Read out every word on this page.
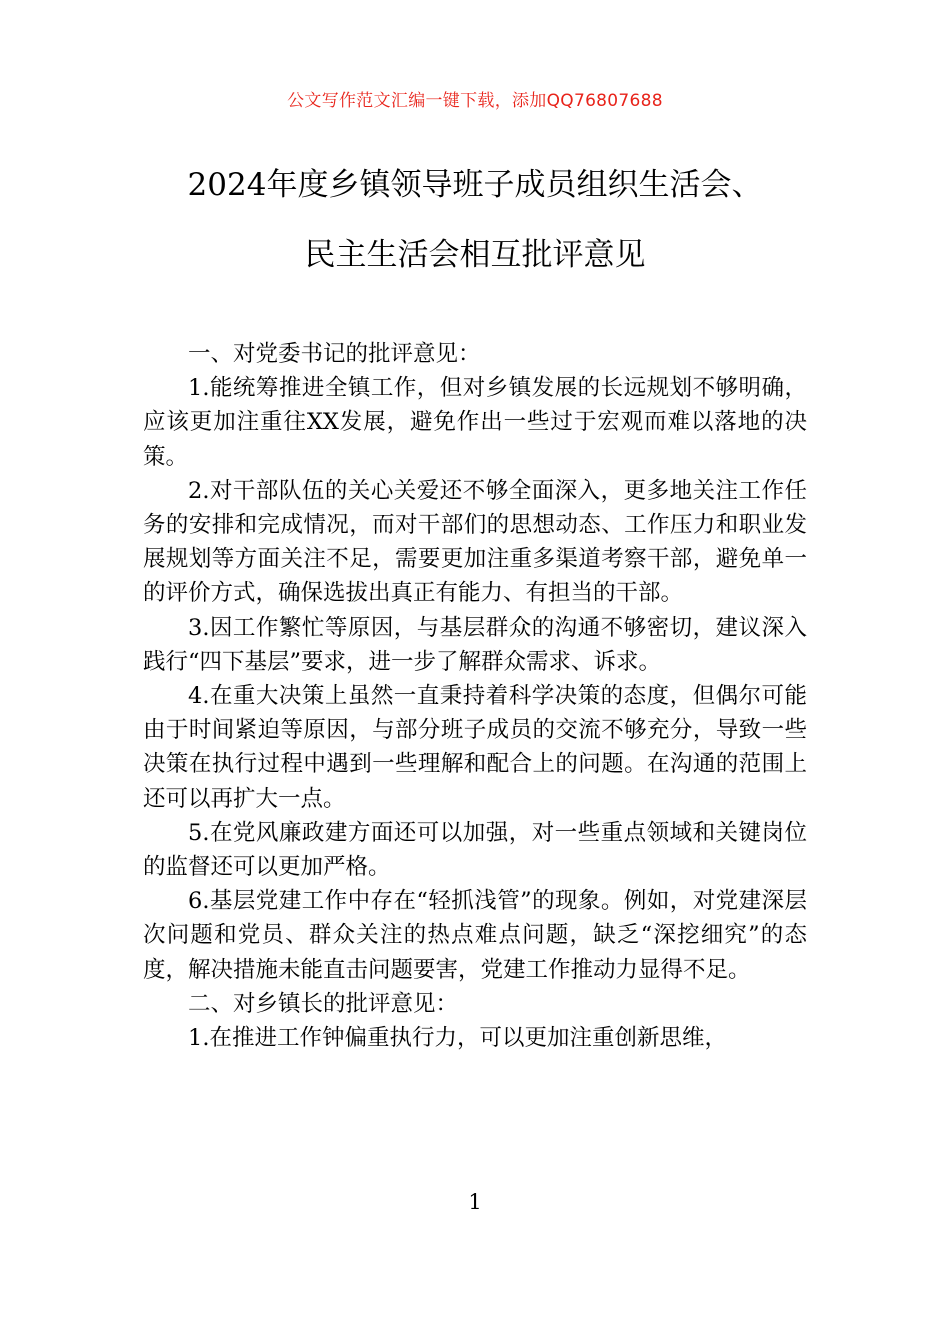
公文写作范文汇编一键下载，添加QQ76807688
2024年度乡镇领导班子成员组织生活会、
民主生活会相互批评意见

一、对党委书记的批评意见：

1.能统筹推进全镇工作，但对乡镇发展的长远规划不够明确，应该更加注重往XX发展，避免作出一些过于宏观而难以落地的决策。

2.对干部队伍的关心关爱还不够全面深入，更多地关注工作任务的安排和完成情况，而对干部们的思想动态、工作压力和职业发展规划等方面关注不足，需要更加注重多渠道考察干部，避免单一的评价方式，确保选拔出真正有能力、有担当的干部。

3.因工作繁忙等原因，与基层群众的沟通不够密切，建议深入践行“四下基层”要求，进一步了解群众需求、诉求。

4.在重大决策上虽然一直秉持着科学决策的态度，但偶尔可能由于时间紧迫等原因，与部分班子成员的交流不够充分，导致一些决策在执行过程中遇到一些理解和配合上的问题。在沟通的范围上还可以再扩大一点。

5.在党风廉政建方面还可以加强，对一些重点领域和关键岗位的监督还可以更加严格。

6.基层党建工作中存在“轻抓浅管”的现象。例如，对党建深层次问题和党员、群众关注的热点难点问题，缺乏“深挖细究”的态度，解决措施未能直击问题要害，党建工作推动力显得不足。

二、对乡镇长的批评意见：

1.在推进工作钟偏重执行力，可以更加注重创新思维，

1
